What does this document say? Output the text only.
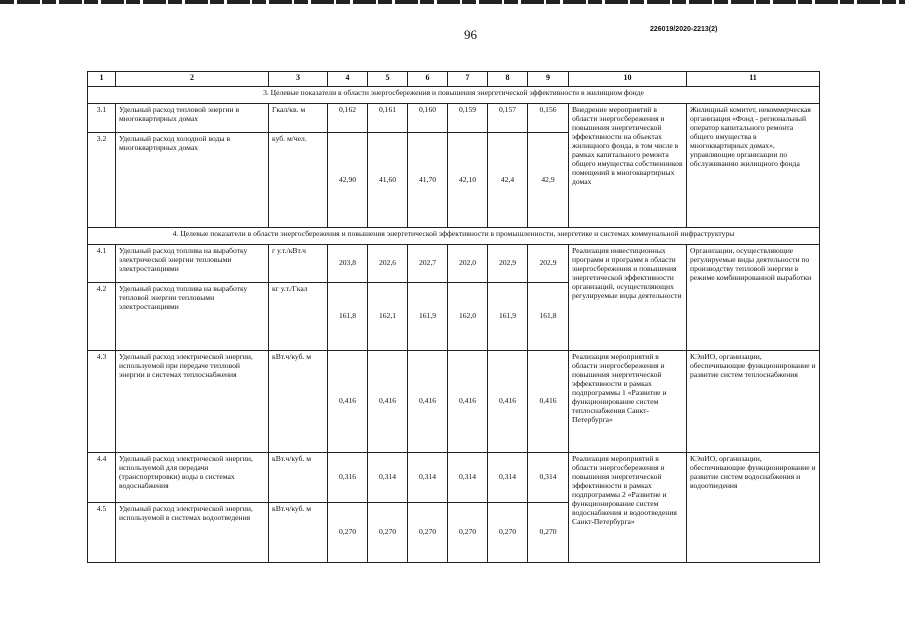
96	226019/2020-2213(2)
1	2	3	4	5	6	7	8	9	10	11
3. Целевые показатели в области энергосбережения и повышения энергетической эффективности в жилищном фонде										
3.1	Удельный расход тепловой энергии в многоквартирных домах	Гкал/кв. м	0,162	0,161	0,160	0,159	0,157	0,156	Внедрение мероприятий в области энергосбережения и повышения энергетической эффективности на объектах жилищного фонда, в том числе в рамках капитального ремонта общего имущества собственников помещений в многоквартирных домах	Жилищный комитет, некоммерческая организация «Фонд - региональный оператор капитального ремонта общего имущества в многоквартирных домах», управляющие организации по обслуживанию жилищного фонда
3.2	Удельный расход холодной воды в многоквартирных домах	куб. м/чел.	42,90	41,60	41,70	42,10	42,4	42,9		
4. Целевые показатели в области энергосбережения и повышения энергетической эффективности в промышленности, энергетике и системах коммунальной инфраструктуры										
4.1	Удельный расход топлива на выработку электрической энергии тепловыми электростанциями	г у.т./кВт.ч	203,8	202,6	202,7	202,0	202,9	202,9	Реализация инвестиционных программ и программ в области энергосбережения и повышения энергетической эффективности организаций, осуществляющих регулируемые виды деятельности	Организации, осуществляющие регулируемые виды деятельности по производству тепловой энергии в режиме комбинированной выработки
4.2	Удельный расход топлива на выработку тепловой энергии тепловыми электростанциями	кг у.т./Гкал	161,8	162,1	161,9	162,0	161,9	161,8		
4.3	Удельный расход электрической энергии, используемой при передаче тепловой энергии в системах теплоснабжения	кВт.ч/куб. м	0,416	0,416	0,416	0,416	0,416	0,416	Реализация мероприятий в области энергосбережения и повышения энергетической эффективности в рамках подпрограммы 1 «Развитие и функционирование систем теплоснабжения Санкт-Петербурга»	КЭиИО, организации, обеспечивающие функционирование и развитие систем теплоснабжения
4.4	Удельный расход электрической энергии, используемой для передачи (транспортировки) воды в системах водоснабжения	кВт.ч/куб. м	0,316	0,314	0,314	0,314	0,314	0,314	Реализация мероприятий в области энергосбережения и повышения энергетической эффективности в рамках подпрограммы 2 «Развитие и функционирование систем водоснабжения и водоотведения Санкт-Петербурга»	КЭиИО, организации, обеспечивающие функционирование и развитие систем водоснабжения и водоотведения
4.5	Удельный расход электрической энергии, используемой в системах водоотведения	кВт.ч/куб. м	0,270	0,270	0,270	0,270	0,270	0,270		
